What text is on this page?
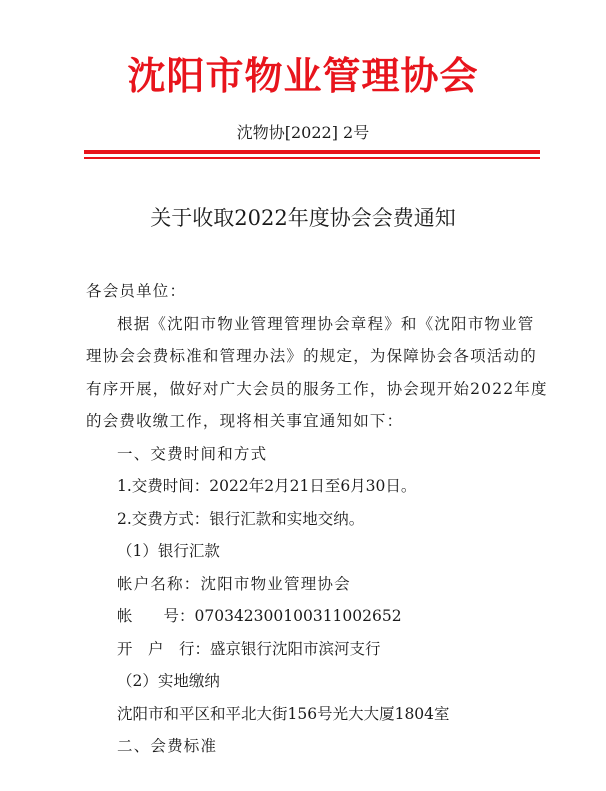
沈阳市物业管理协会
沈物协[2022] 2号
关于收取2022年度协会会费通知
各会员单位：
根据《沈阳市物业管理管理协会章程》和《沈阳市物业管
理协会会费标准和管理办法》的规定，为保障协会各项活动的
有序开展，做好对广大会员的服务工作，协会现开始2022年度
的会费收缴工作，现将相关事宜通知如下：
一、交费时间和方式
1.交费时间：2022年2月21日至6月30日。
2.交费方式：银行汇款和实地交纳。
（1）银行汇款
帐户名称：沈阳市物业管理协会
帐　　号：07034230010031100265​2
开　户　行：盛京银行沈阳市滨河支行
（2）实地缴纳
沈阳市和平区和平北大街156号光大大厦1804室
二、会费标准
